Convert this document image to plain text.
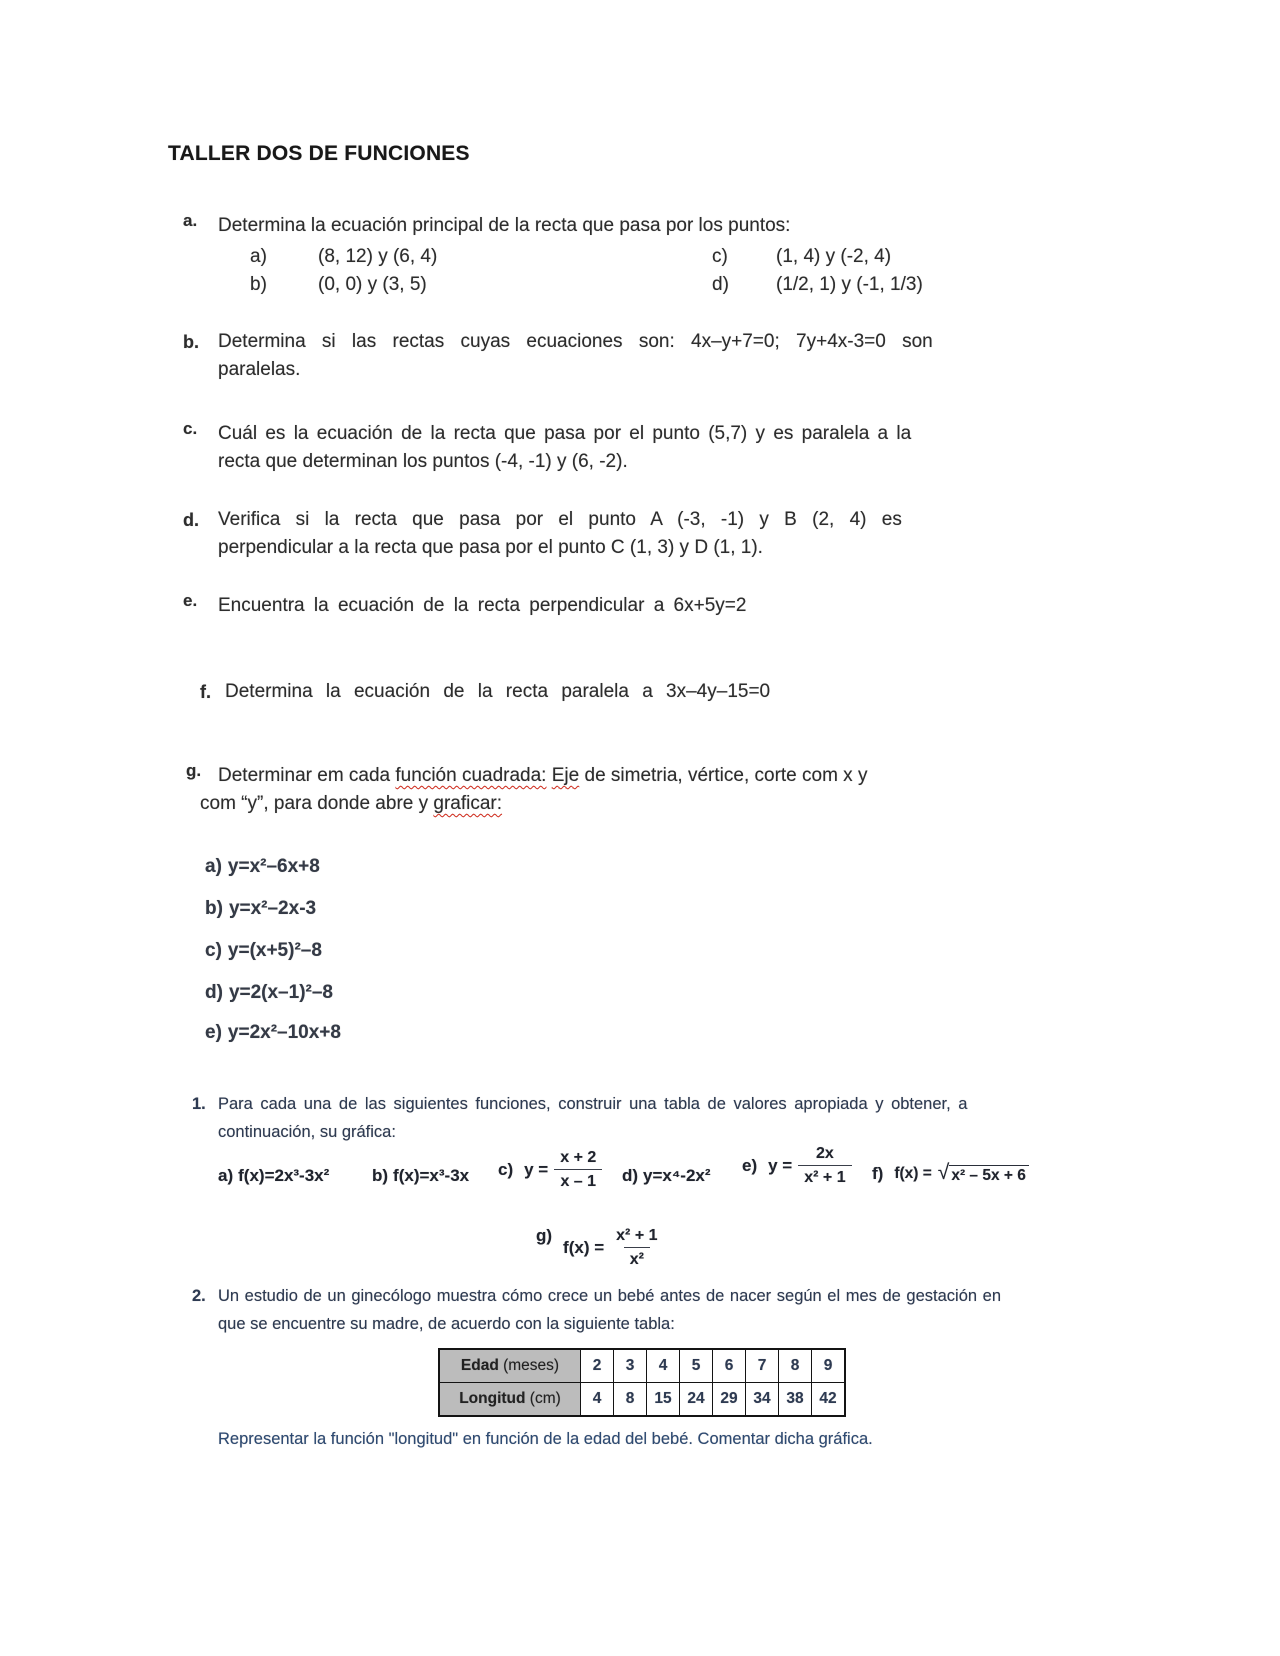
TALLER DOS DE FUNCIONES
a. Determina la ecuación principal de la recta que pasa por los puntos:
a)	(8, 12) y (6, 4)	c)	(1, 4) y (-2, 4)
b)	(0, 0) y (3, 5)	d) (1/2, 1) y (-1, 1/3)
b. Determina si las rectas cuyas ecuaciones son: 4x–y+7=0; 7y+4x-3=0 son
paralelas.
c. Cuál es la ecuación de la recta que pasa por el punto (5,7) y es paralela a la
recta que determinan los puntos (-4, -1) y (6, -2).
d. Verifica si la recta que pasa por el punto A (-3, -1) y B (2, 4) es
perpendicular a la recta que pasa por el punto C (1, 3) y D (1, 1).
e. Encuentra la ecuación de la recta perpendicular a 6x+5y=2
f. Determina la ecuación de la recta paralela a 3x–4y–15=0
g. Determinar em cada función cuadrada: Eje de simetria, vértice, corte com x y
com “y”, para donde abre y graficar:
a) y=x²–6x+8
b) y=x²–2x-3
c) y=(x+5)²–8
d) y=2(x–1)²–8
e) y=2x²–10x+8
1. Para cada una de las siguientes funciones, construir una tabla de valores apropiada y obtener, a
continuación, su gráfica:
a) f(x)=2x³-3x²	b) f(x)=x³-3x c) $y = \frac{x + 2}{x - 1} d$) y=x⁴-2x²
e) $y = \frac{2x}{\text{x² + 1}} f$) f(x) = √ x² – 5x + 6
g)
$f(x) = \frac{\text{x² + 1}}{\text{x²}}$
2. Un estudio de un ginecólogo muestra cómo crece un bebé antes de nacer según el mes de gestación en
que se encuentre su madre, de acuerdo con la siguiente tabla:
Edad (meses)	2	3	4	5	6	7	8	9
Longitud (cm)	4	8	15	24	29	34	38	42
Representar la función "longitud" en función de la edad del bebé. Comentar dicha gráfica.
